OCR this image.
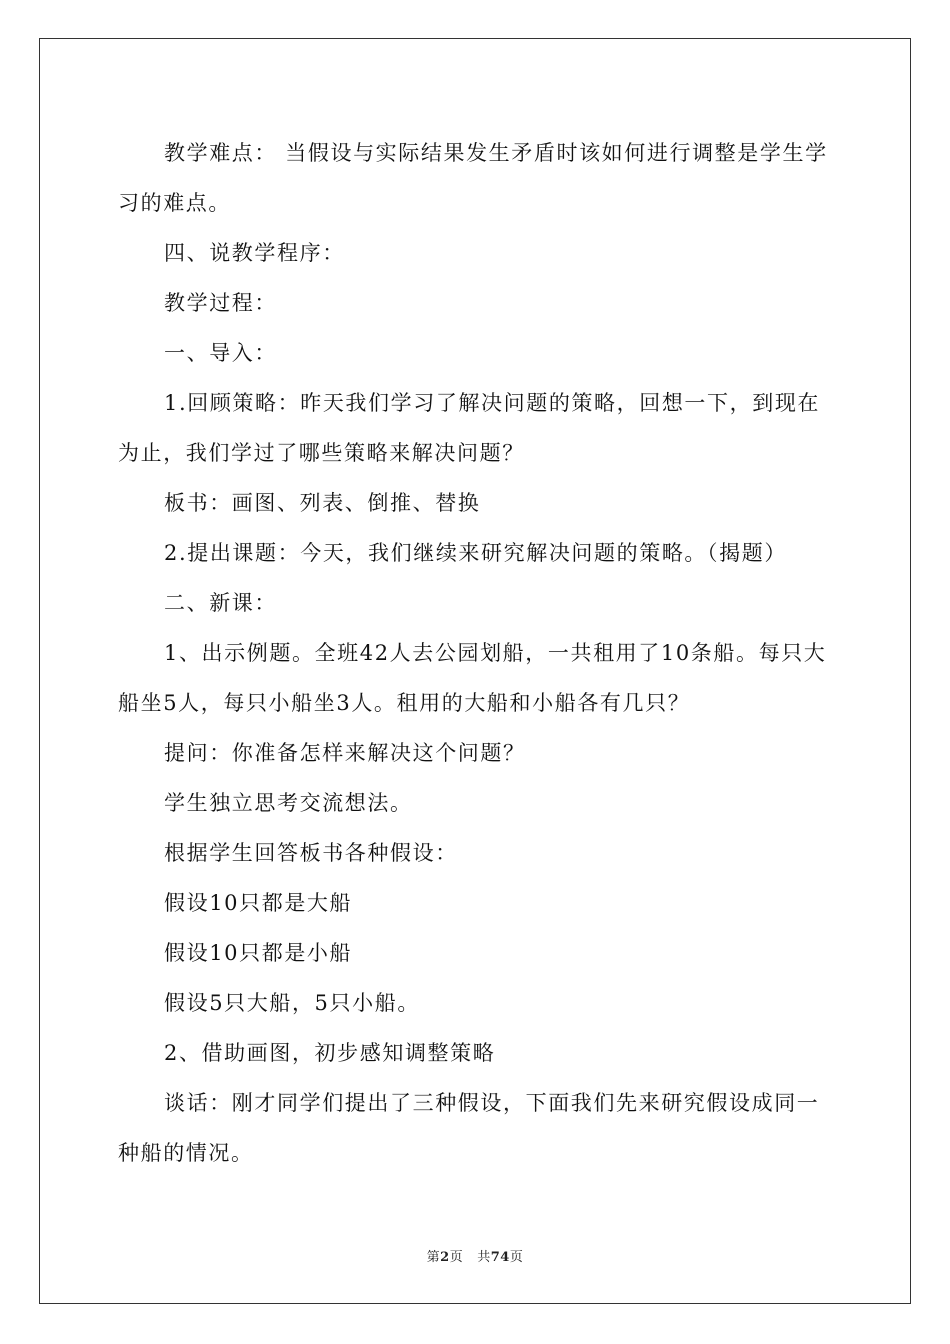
教学难点： 当假设与实际结果发生矛盾时该如何进行调整是学生学习的难点。

四、说教学程序：

教学过程：

一、导入：

1.回顾策略：昨天我们学习了解决问题的策略，回想一下，到现在为止，我们学过了哪些策略来解决问题？

板书：画图、列表、倒推、替换

2.提出课题：今天，我们继续来研究解决问题的策略。（揭题）

二、新课：

1、出示例题。全班42人去公园划船，一共租用了10条船。每只大船坐5人，每只小船坐3人。租用的大船和小船各有几只？

提问：你准备怎样来解决这个问题？

学生独立思考交流想法。

根据学生回答板书各种假设：

假设10只都是大船

假设10只都是小船

假设5只大船，5只小船。

2、借助画图，初步感知调整策略

谈话：刚才同学们提出了三种假设，下面我们先来研究假设成同一种船的情况。

第2页 共74页
